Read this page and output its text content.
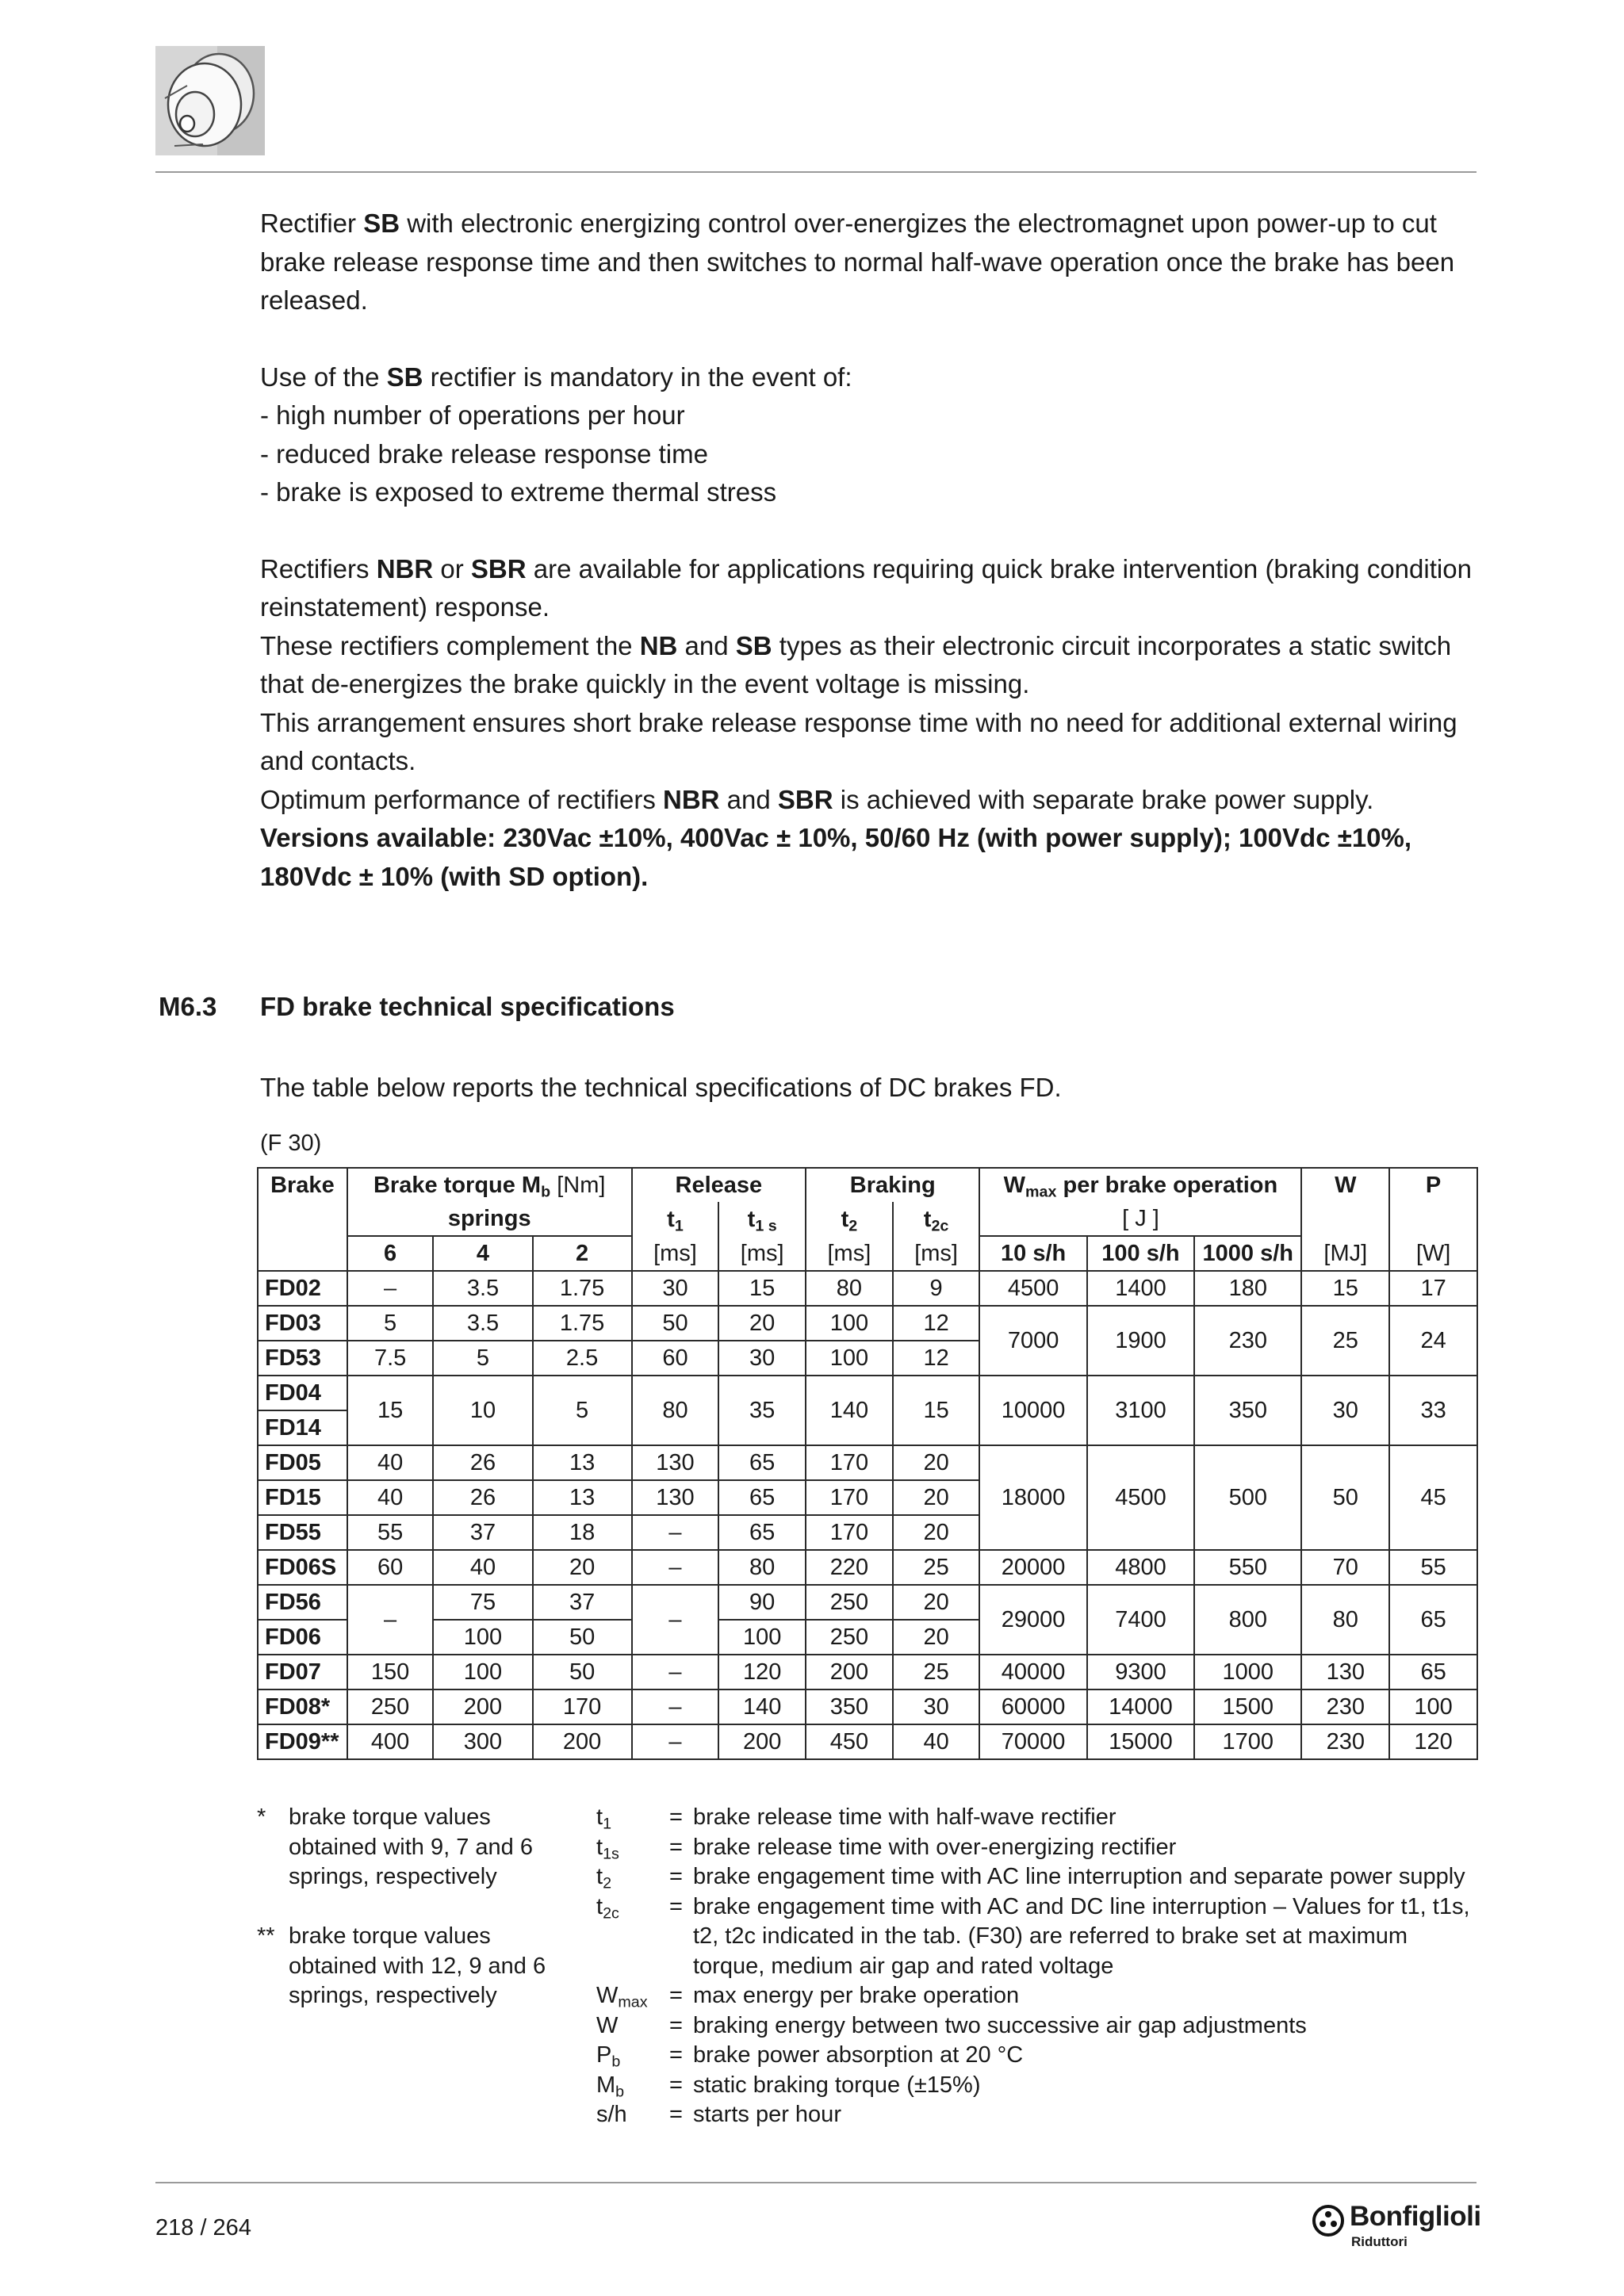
Rectifier SB with electronic energizing control over-energizes the electromagnet upon power-up to cut brake release response time and then switches to normal half-wave operation once the brake has been released.

Use of the SB rectifier is mandatory in the event of:

- high number of operations per hour

- reduced brake release response time

- brake is exposed to extreme thermal stress

Rectifiers NBR or SBR are available for applications requiring quick brake intervention (braking condition reinstatement) response.

These rectifiers complement the NB and SB types as their electronic circuit incorporates a static switch that de-energizes the brake quickly in the event voltage is missing.

This arrangement ensures short brake release response time with no need for additional external wiring and contacts.

Optimum performance of rectifiers NBR and SBR is achieved with separate brake power supply.

Versions available: 230Vac ±10%, 400Vac ± 10%, 50/60 Hz (with power supply); 100Vdc ±10%, 180Vdc ± 10% (with SD option).

M6.3 FD brake technical specifications
The table below reports the technical specifications of DC brakes FD.
(F 30)
Brake	Brake torque $M_b$ [Nm]			Release		Braking		$W_{max}$ per brake operation			W	P
	springs			$t_1$	$t_{1 s}$	$t_2$	$t_{2c}$	[ J ]				
	6	4	2	[ms]	[ms]	[ms]	[ms]	10 s/h	100 s/h	1000 s/h	[MJ]	[W]
FD02	–	3.5	1.75	30	15	80	9	4500	1400	180	15	17
FD03	5	3.5	1.75	50	20	100	12	7000	1900	230	25	24
FD53	7.5	5	2.5	60	30	100	12					
FD04	15	10	5	80	35	140	15	10000	3100	350	30	33
FD14												
FD05	40	26	13	130	65	170	20	18000	4500	500	50	45
FD15	40	26	13	130	65	170	20					
FD55	55	37	18	–	65	170	20					
FD06S	60	40	20	–	80	220	25	20000	4800	550	70	55
FD56	–	75	37	–	90	250	20	29000	7400	800	80	65
FD06		100	50		100	250	20					
FD07	150	100	50	–	120	200	25	40000	9300	1000	130	65
FD08*	250	200	170	–	140	350	30	60000	14000	1500	230	100
FD09**	400	300	200	–	200	450	40	70000	15000	1700	230	120
* brake torque values obtained with 9, 7 and 6 springs, respectively
** brake torque values obtained with 12, 9 and 6 springs, respectively
$t_1$	= brake release time with half-wave rectifier
$t_{1s}$	= brake release time with over-energizing rectifier
$t_2$	= brake engagement time with AC line interruption and separate power supply
$t_{2c}$	= brake engagement time with AC and DC line interruption – Values for t1, t1s, t2, t2c indicated in the tab. (F30) are referred to brake set at maximum torque, medium air gap and rated voltage
$W_{max} = \max$ energy per brake operation
W	= braking energy between two successive air gap adjustments
$P_b$	= brake power absorption at 20 °C
$M_b$	= static braking torque (±15%)
s/h	= starts per hour
218 / 264	Bonfiglioli
Riduttori
